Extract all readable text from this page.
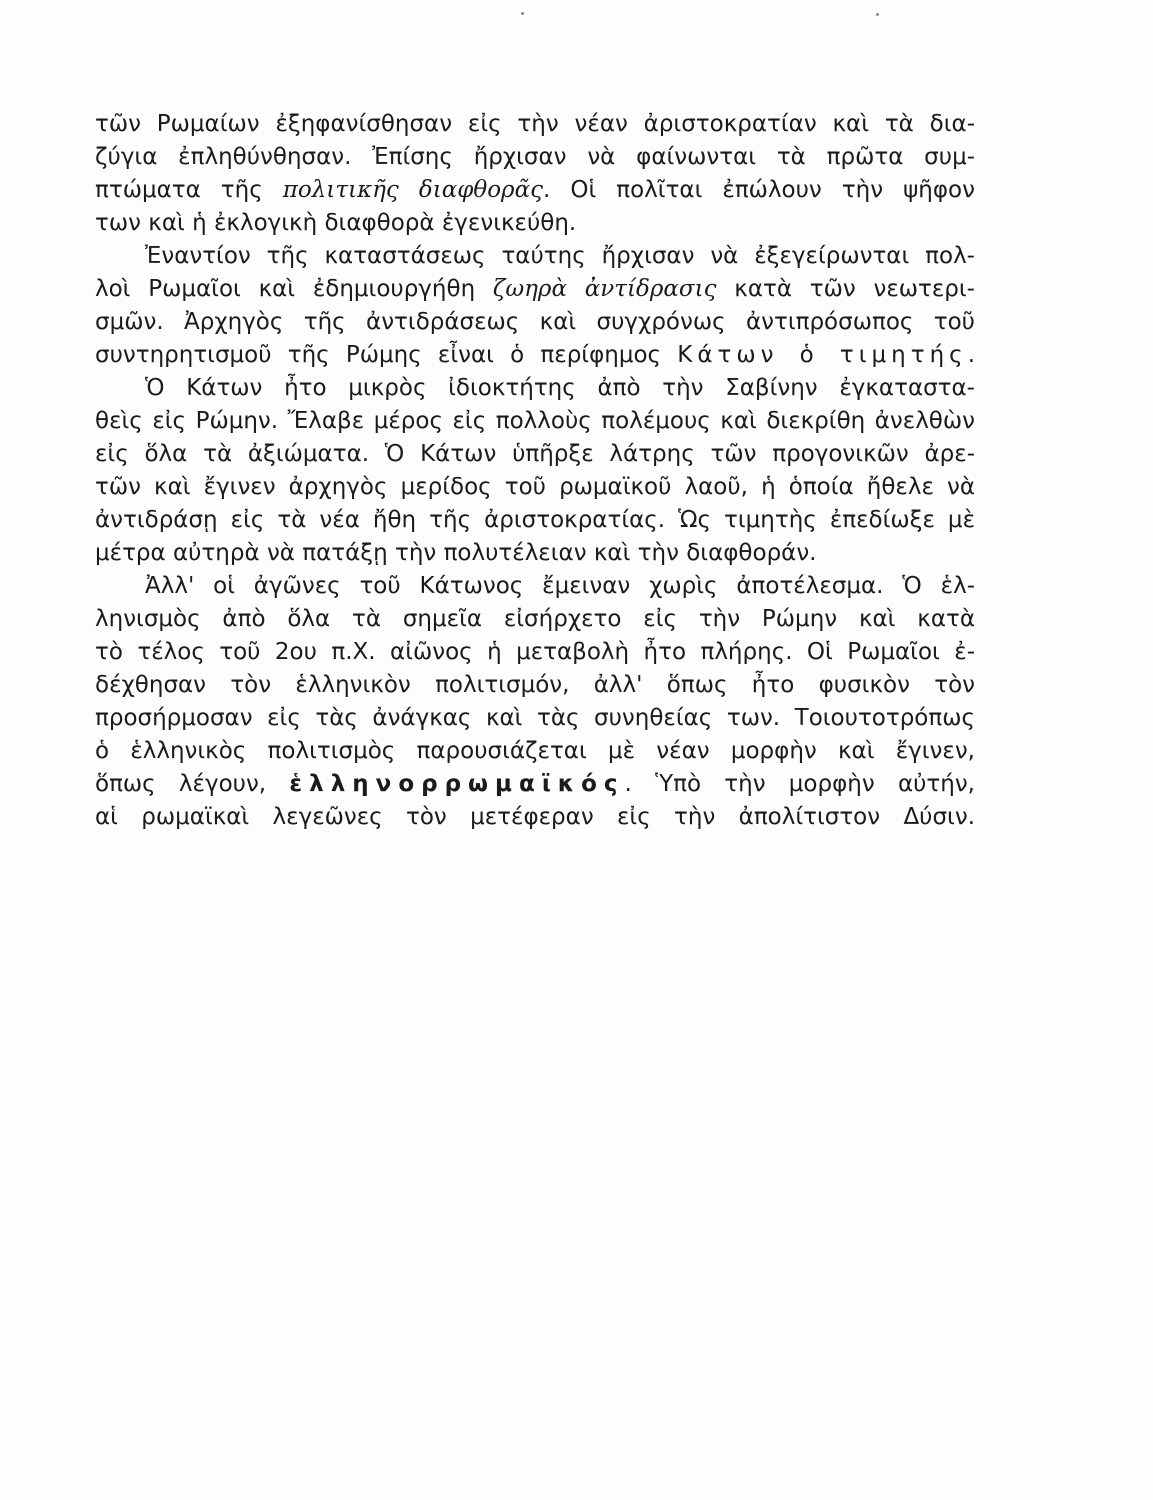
τῶν Ρωμαίων ἐξηφανίσθησαν εἰς τὴν νέαν ἀριστοκρατίαν καὶ τὰ δια-
ζύγια ἐπληθύνθησαν. Ἐπίσης ἤρχισαν νὰ φαίνωνται τὰ πρῶτα συμ-
πτώματα τῆς πολιτικῆς διαφθορᾶς. Οἱ πολῖται ἐπώλουν τὴν ψῆφον
των καὶ ἡ ἐκλογικὴ διαφθορὰ ἐγενικεύθη.
Ἐναντίον τῆς καταστάσεως ταύτης ἤρχισαν νὰ ἐξεγείρωνται πολ-
λοὶ Ρωμαῖοι καὶ ἐδημιουργήθη ζωηρὰ ἀντίδρασις κατὰ τῶν νεωτερι-
σμῶν. Ἀρχηγὸς τῆς ἀντιδράσεως καὶ συγχρόνως ἀντιπρόσωπος τοῦ
συντηρητισμοῦ τῆς Ρώμης εἶναι ὁ περίφημος Κάτων ὁ τιμητής.
Ὁ Κάτων ἦτο μικρὸς ἰδιοκτήτης ἀπὸ τὴν Σαβίνην ἐγκαταστα-
θεὶς εἰς Ρώμην. Ἔλαβε μέρος εἰς πολλοὺς πολέμους καὶ διεκρίθη ἀνελθὼν
εἰς ὅλα τὰ ἀξιώματα. Ὁ Κάτων ὑπῆρξε λάτρης τῶν προγονικῶν ἀρε-
τῶν καὶ ἔγινεν ἀρχηγὸς μερίδος τοῦ ρωμαϊκοῦ λαοῦ, ἡ ὁποία ἤθελε νὰ
ἀντιδράσῃ εἰς τὰ νέα ἤθη τῆς ἀριστοκρατίας. Ὡς τιμητὴς ἐπεδίωξε μὲ
μέτρα αὐτηρὰ νὰ πατάξῃ τὴν πολυτέλειαν καὶ τὴν διαφθοράν.
Ἀλλ' οἱ ἀγῶνες τοῦ Κάτωνος ἔμειναν χωρὶς ἀποτέλεσμα. Ὁ ἑλ-
ληνισμὸς ἀπὸ ὅλα τὰ σημεῖα εἰσήρχετο εἰς τὴν Ρώμην καὶ κατὰ
τὸ τέλος τοῦ 2ου π.Χ. αἰῶνος ἡ μεταβολὴ ἦτο πλήρης. Οἱ Ρωμαῖοι ἐ-
δέχθησαν τὸν ἑλληνικὸν πολιτισμόν, ἀλλ' ὅπως ἦτο φυσικὸν τὸν
προσήρμοσαν εἰς τὰς ἀνάγκας καὶ τὰς συνηθείας των. Τοιουτοτρόπως
ὁ ἑλληνικὸς πολιτισμὸς παρουσιάζεται μὲ νέαν μορφὴν καὶ ἔγινεν,
ὅπως λέγουν, ἑλληνορρωμαϊκός. Ὑπὸ τὴν μορφὴν αὐτήν,
αἱ ρωμαϊκαὶ λεγεῶνες τὸν μετέφεραν εἰς τὴν ἀπολίτιστον Δύσιν.
